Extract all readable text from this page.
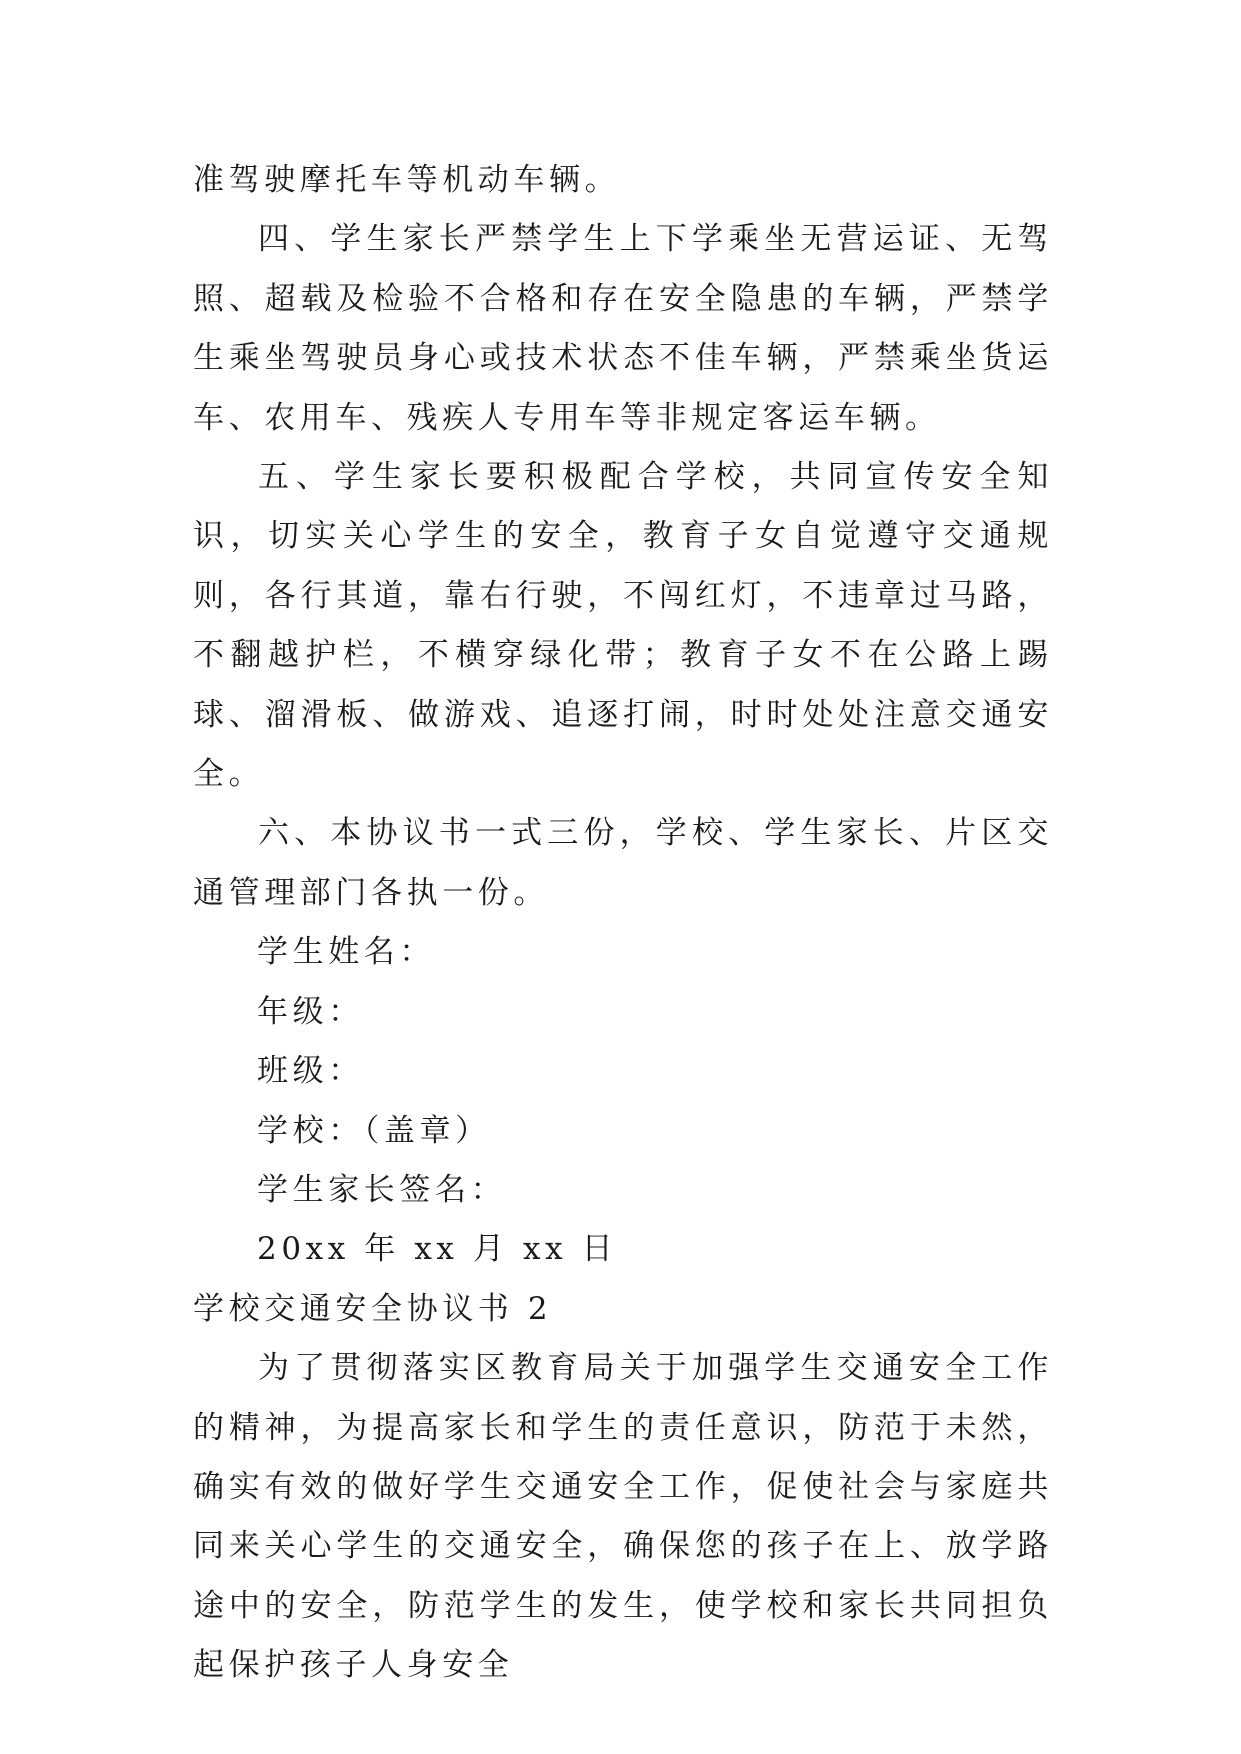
准驾驶摩托车等机动车辆。

四、学生家长严禁学生上下学乘坐无营运证、无驾照、超载及检验不合格和存在安全隐患的车辆，严禁学生乘坐驾驶员身心或技术状态不佳车辆，严禁乘坐货运车、农用车、残疾人专用车等非规定客运车辆。

五、学生家长要积极配合学校，共同宣传安全知识，切实关心学生的安全，教育子女自觉遵守交通规则，各行其道，靠右行驶，不闯红灯，不违章过马路，不翻越护栏，不横穿绿化带；教育子女不在公路上踢球、溜滑板、做游戏、追逐打闹，时时处处注意交通安全。

六、本协议书一式三份，学校、学生家长、片区交通管理部门各执一份。

学生姓名：

年级：

班级：

学校：（盖章）

学生家长签名：

20xx 年 xx 月 xx 日

学校交通安全协议书 2

为了贯彻落实区教育局关于加强学生交通安全工作的精神，为提高家长和学生的责任意识，防范于未然，确实有效的做好学生交通安全工作，促使社会与家庭共同来关心学生的交通安全，确保您的孩子在上、放学路途中的安全，防范学生的发生，使学校和家长共同担负起保护孩子人身安全
